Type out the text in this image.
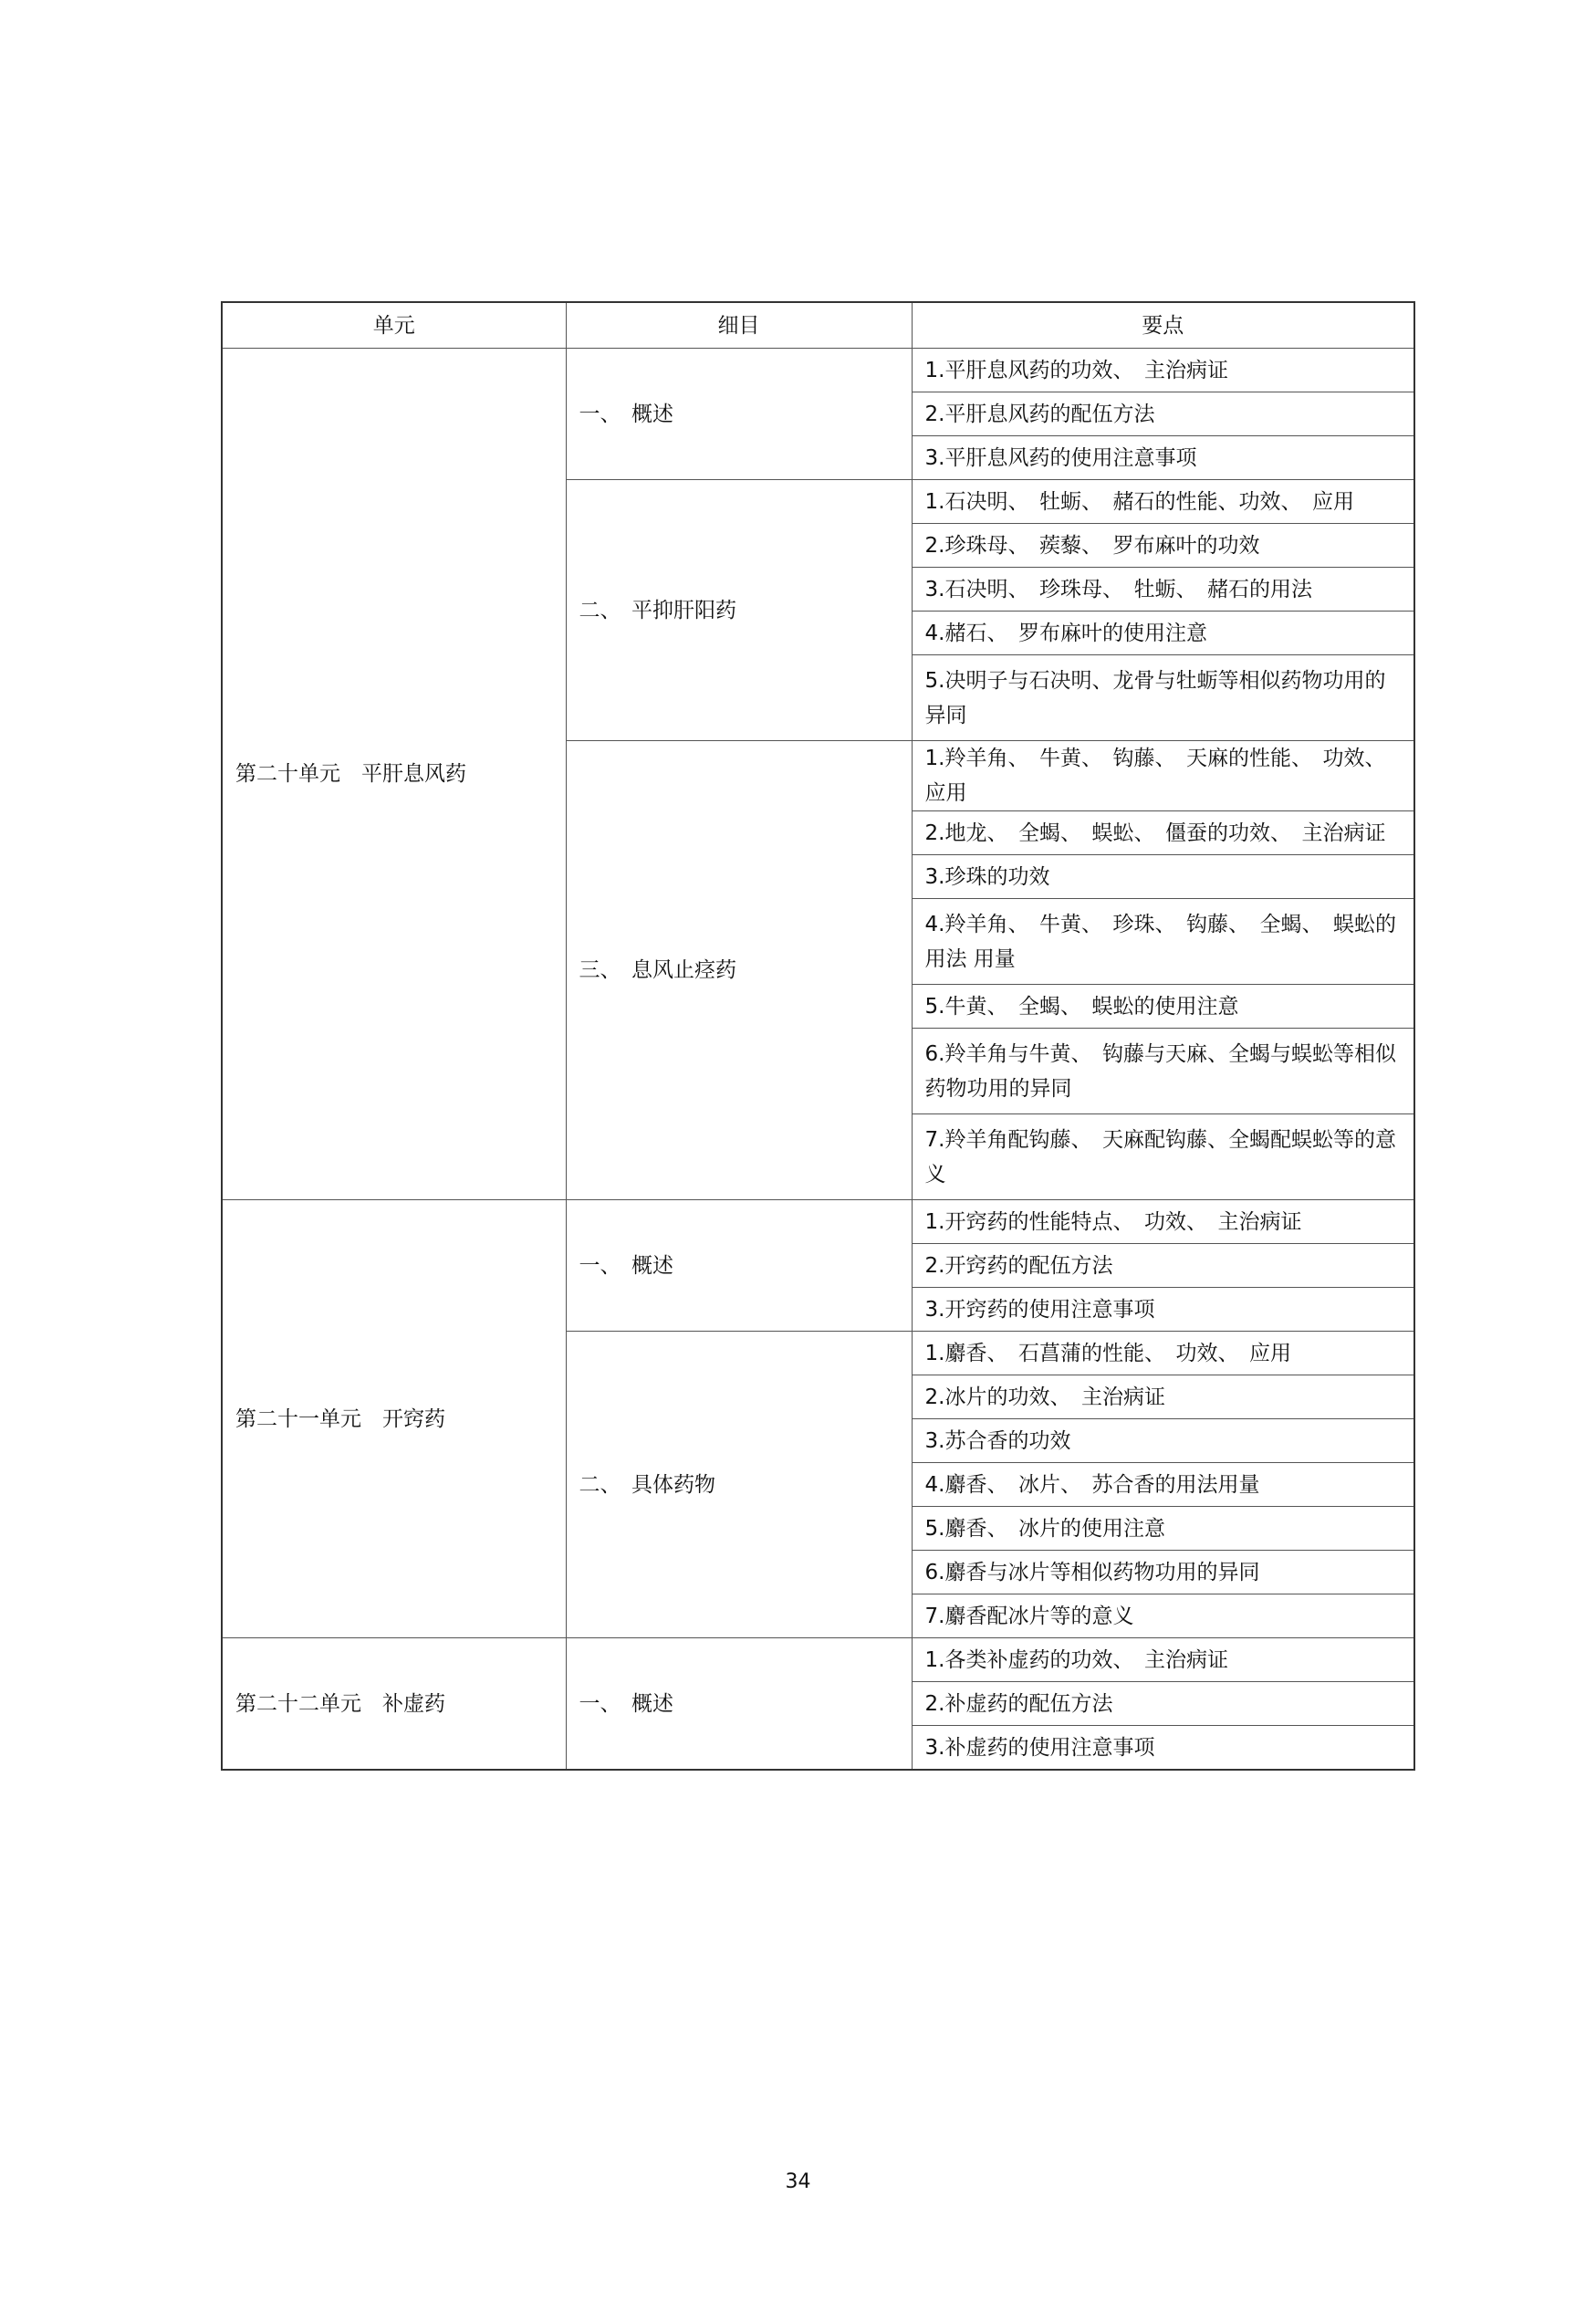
单元	细目	要点
第二十单元　平肝息风药	一、　概述	1.平肝息风药的功效、　主治病证
		2.平肝息风药的配伍方法
		3.平肝息风药的使用注意事项
	二、　平抑肝阳药	1.石决明、　牡蛎、　赭石的性能、功效、　应用
		2.珍珠母、　蒺藜、　罗布麻叶的功效
		3.石决明、　珍珠母、　牡蛎、　赭石的用法
		4.赭石、　罗布麻叶的使用注意
		5.决明子与石决明、龙骨与牡蛎等相似药物功用的异同
	三、　息风止痉药	1.羚羊角、　牛黄、　钩藤、　天麻的性能、　功效、应用
		2.地龙、　全蝎、　蜈蚣、　僵蚕的功效、　主治病证
		3.珍珠的功效
		4.羚羊角、　牛黄、　珍珠、　钩藤、　全蝎、　蜈蚣的用法 用量
		5.牛黄、　全蝎、　蜈蚣的使用注意
		6.羚羊角与牛黄、　钩藤与天麻、全蝎与蜈蚣等相似药物功用的异同
		7.羚羊角配钩藤、　天麻配钩藤、全蝎配蜈蚣等的意义
第二十一单元　开窍药	一、　概述	1.开窍药的性能特点、　功效、　主治病证
		2.开窍药的配伍方法
		3.开窍药的使用注意事项
	二、　具体药物	1.麝香、　石菖蒲的性能、　功效、　应用
		2.冰片的功效、　主治病证
		3.苏合香的功效
		4.麝香、　冰片、　苏合香的用法用量
		5.麝香、　冰片的使用注意
		6.麝香与冰片等相似药物功用的异同
		7.麝香配冰片等的意义
第二十二单元　补虚药	一、　概述	1.各类补虚药的功效、　主治病证
		2.补虚药的配伍方法
		3.补虚药的使用注意事项
34
